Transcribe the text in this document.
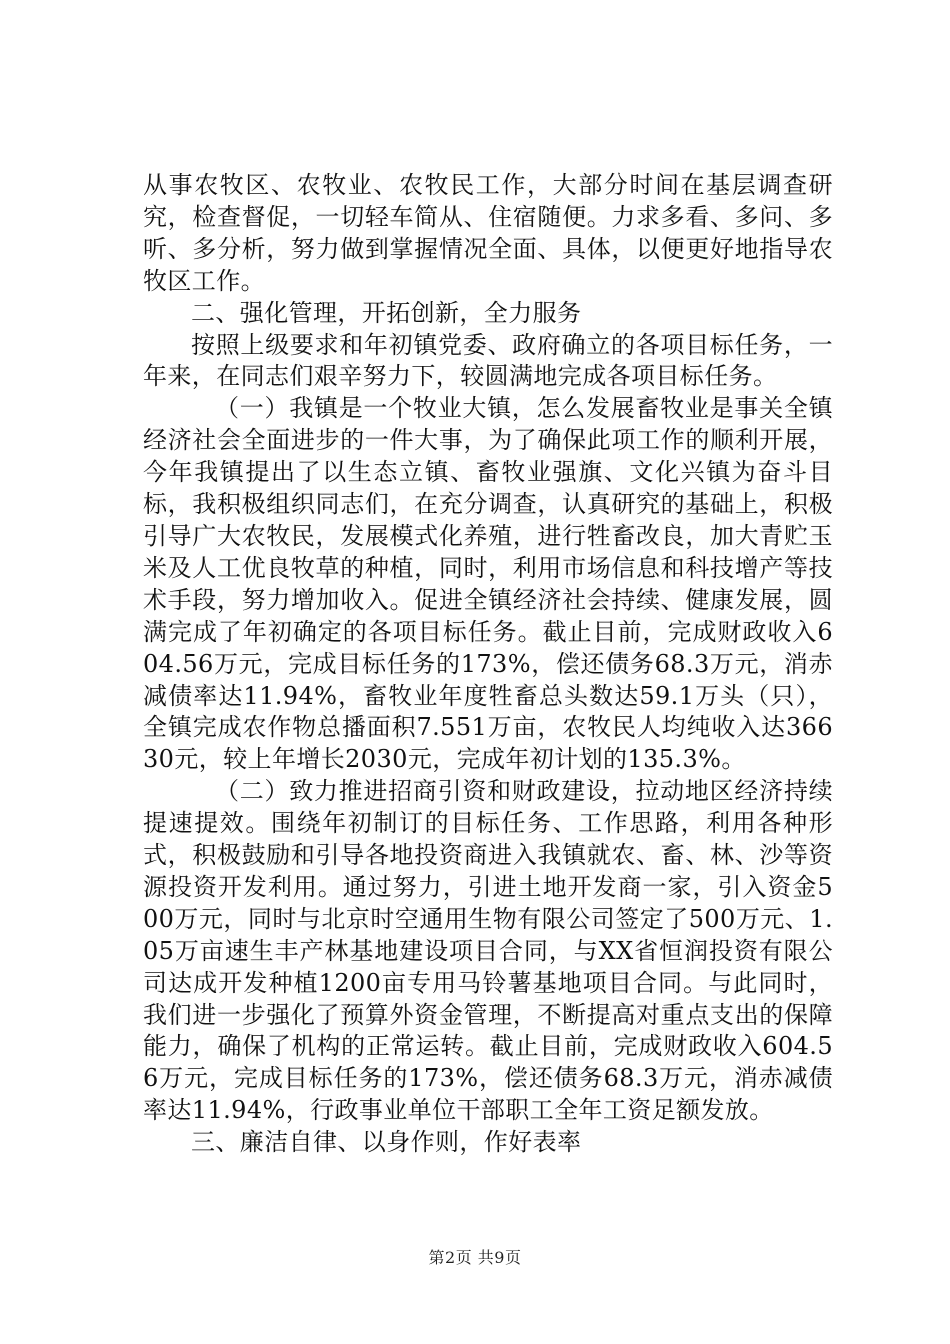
从事农牧区、农牧业、农牧民工作，大部分时间在基层调查研究，检查督促，一切轻车简从、住宿随便。力求多看、多问、多听、多分析，努力做到掌握情况全面、具体，以便更好地指导农牧区工作。

二、强化管理，开拓创新，全力服务

按照上级要求和年初镇党委、政府确立的各项目标任务，一年来，在同志们艰辛努力下，较圆满地完成各项目标任务。

（一）我镇是一个牧业大镇，怎么发展畜牧业是事关全镇经济社会全面进步的一件大事，为了确保此项工作的顺利开展，今年我镇提出了以生态立镇、畜牧业强旗、文化兴镇为奋斗目标，我积极组织同志们，在充分调查，认真研究的基础上，积极引导广大农牧民，发展模式化养殖，进行牲畜改良，加大青贮玉米及人工优良牧草的种植，同时，利用市场信息和科技增产等技术手段，努力增加收入。促进全镇经济社会持续、健康发展，圆满完成了年初确定的各项目标任务。截止目前，完成财政收入604.56万元，完成目标任务的173%，偿还债务68.3万元，消赤减债率达11.94%，畜牧业年度牲畜总头数达59.1万头（只），全镇完成农作物总播面积7.551万亩，农牧民人均纯收入达36630元，较上年增长2030元，完成年初计划的135.3%。

（二）致力推进招商引资和财政建设，拉动地区经济持续提速提效。围绕年初制订的目标任务、工作思路，利用各种形式，积极鼓励和引导各地投资商进入我镇就农、畜、林、沙等资源投资开发利用。通过努力，引进土地开发商一家，引入资金500万元，同时与北京时空通用生物有限公司签定了500万元、1.05万亩速生丰产林基地建设项目合同，与XX省恒润投资有限公司达成开发种植1200亩专用马铃薯基地项目合同。与此同时，我们进一步强化了预算外资金管理，不断提高对重点支出的保障能力，确保了机构的正常运转。截止目前，完成财政收入604.56万元，完成目标任务的173%，偿还债务68.3万元，消赤减债率达11.94%，行政事业单位干部职工全年工资足额发放。

三、廉洁自律、以身作则，作好表率

第2页 共9页
